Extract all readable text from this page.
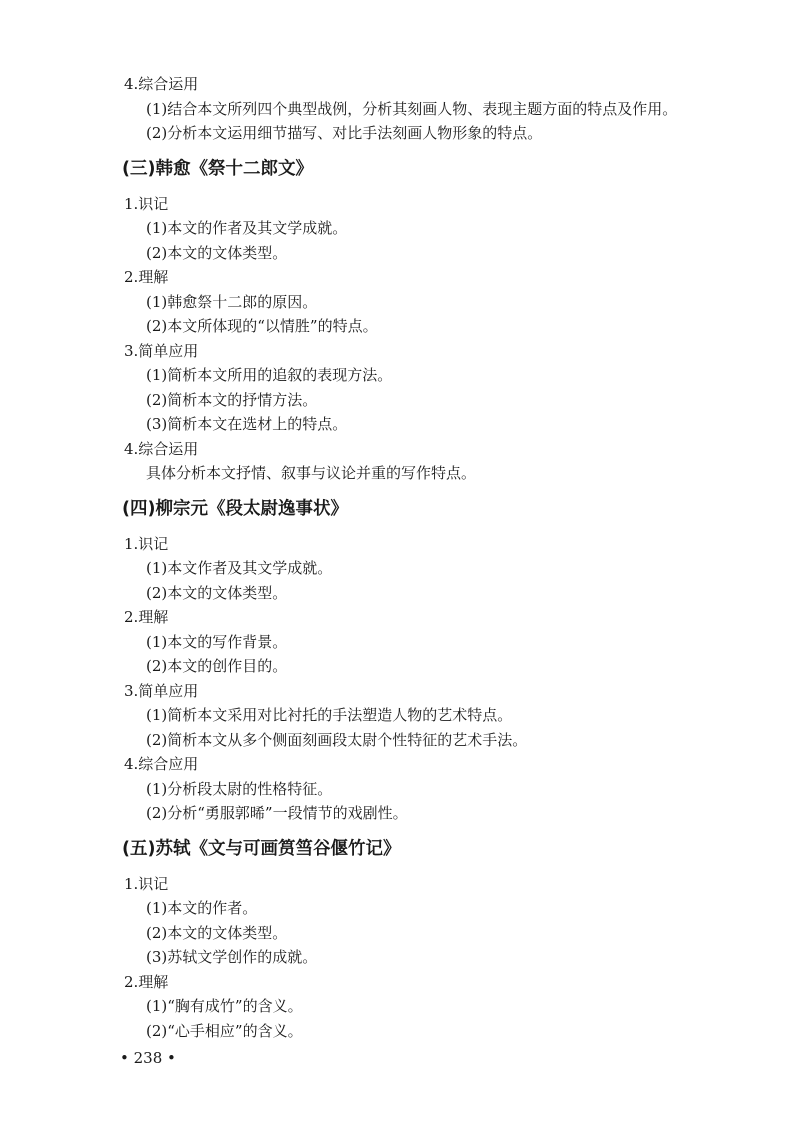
4.综合运用
(1)结合本文所列四个典型战例，分析其刻画人物、表现主题方面的特点及作用。
(2)分析本文运用细节描写、对比手法刻画人物形象的特点。
(三)韩愈《祭十二郎文》
1.识记
(1)本文的作者及其文学成就。
(2)本文的文体类型。
2.理解
(1)韩愈祭十二郎的原因。
(2)本文所体现的“以情胜”的特点。
3.简单应用
(1)简析本文所用的追叙的表现方法。
(2)简析本文的抒情方法。
(3)简析本文在选材上的特点。
4.综合运用
具体分析本文抒情、叙事与议论并重的写作特点。
(四)柳宗元《段太尉逸事状》
1.识记
(1)本文作者及其文学成就。
(2)本文的文体类型。
2.理解
(1)本文的写作背景。
(2)本文的创作目的。
3.简单应用
(1)简析本文采用对比衬托的手法塑造人物的艺术特点。
(2)简析本文从多个侧面刻画段太尉个性特征的艺术手法。
4.综合应用
(1)分析段太尉的性格特征。
(2)分析“勇服郭晞”一段情节的戏剧性。
(五)苏轼《文与可画筼筜谷偃竹记》
1.识记
(1)本文的作者。
(2)本文的文体类型。
(3)苏轼文学创作的成就。
2.理解
(1)“胸有成竹”的含义。
(2)“心手相应”的含义。
• 238 •
